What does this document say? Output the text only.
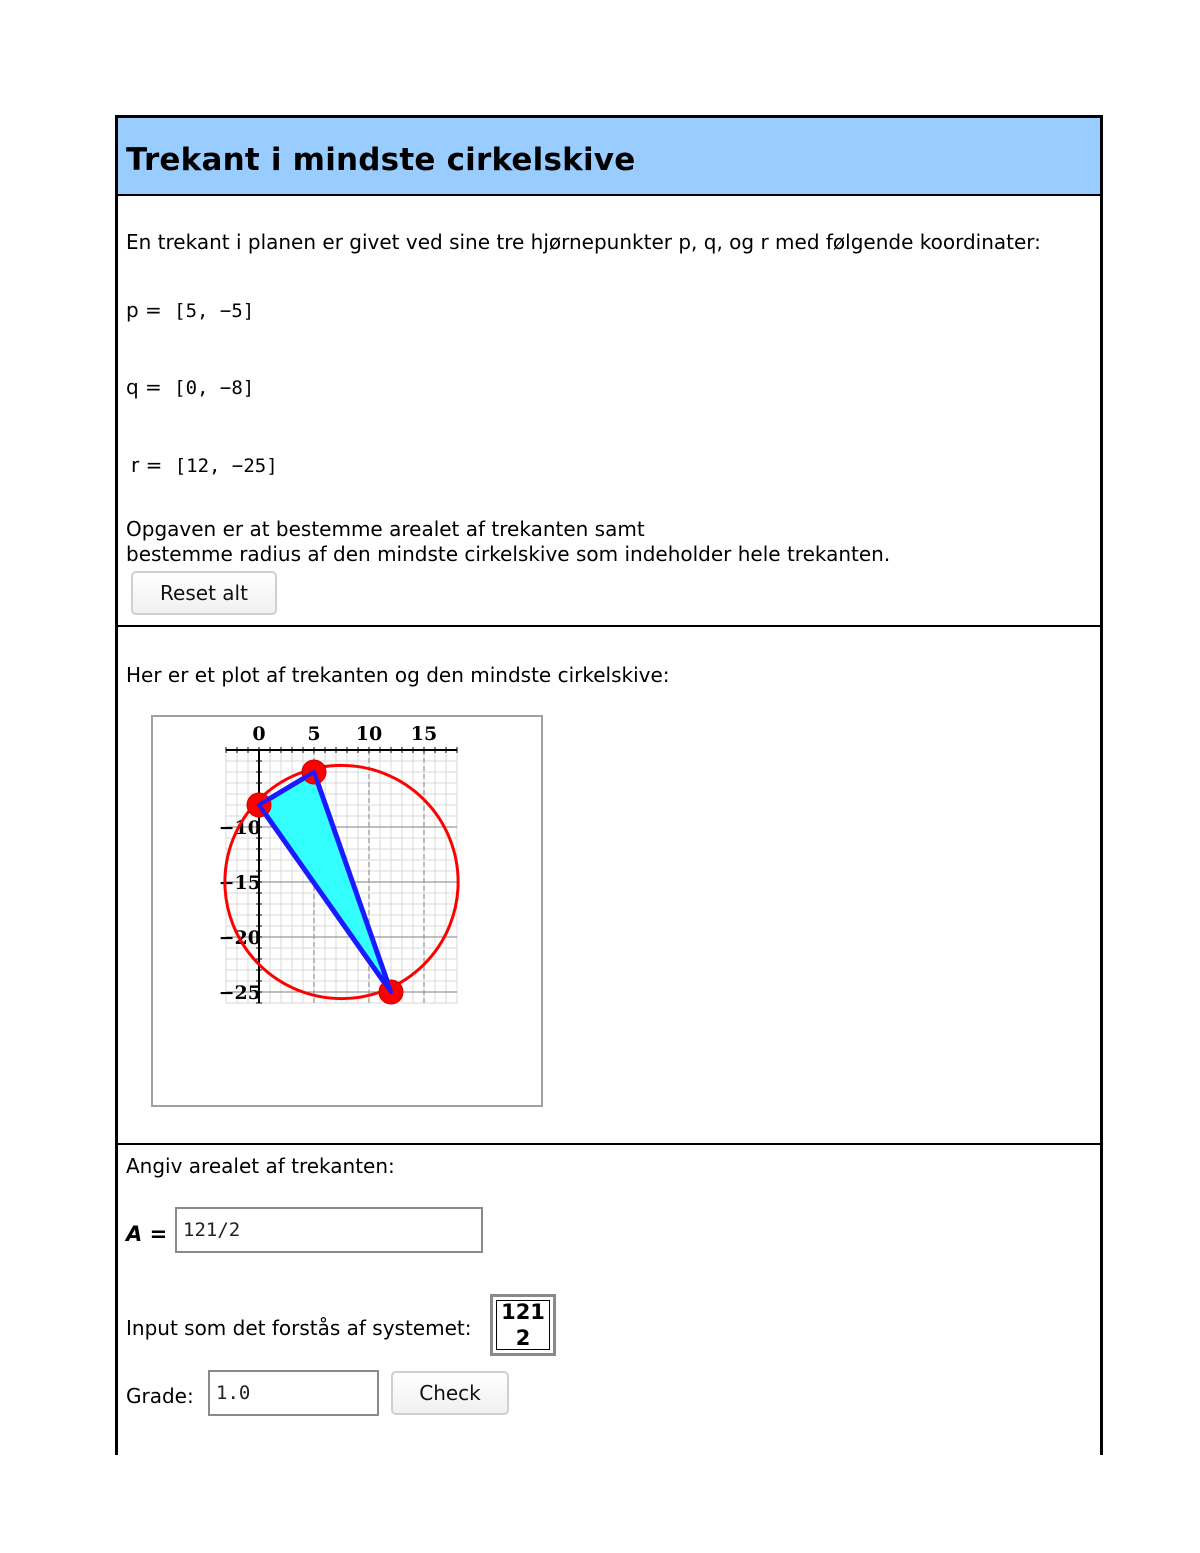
Trekant i mindste cirkelskive
En trekant i planen er givet ved sine tre hjørnepunkter p, q, og r med følgende koordinater:
p = [5, −5]
q = [0, −8]
r = [12, −25]
Opgaven er at bestemme arealet af trekanten samt
bestemme radius af den mindste cirkelskive som indeholder hele trekanten.
Reset alt
Her er et plot af trekanten og den mindste cirkelskive:
0 5 10 15
−10
−15
−20
−25
Angiv arealet af trekanten:
A = 121/2
Input som det forstås af systemet:
121
2
Grade:	1.0	Check
